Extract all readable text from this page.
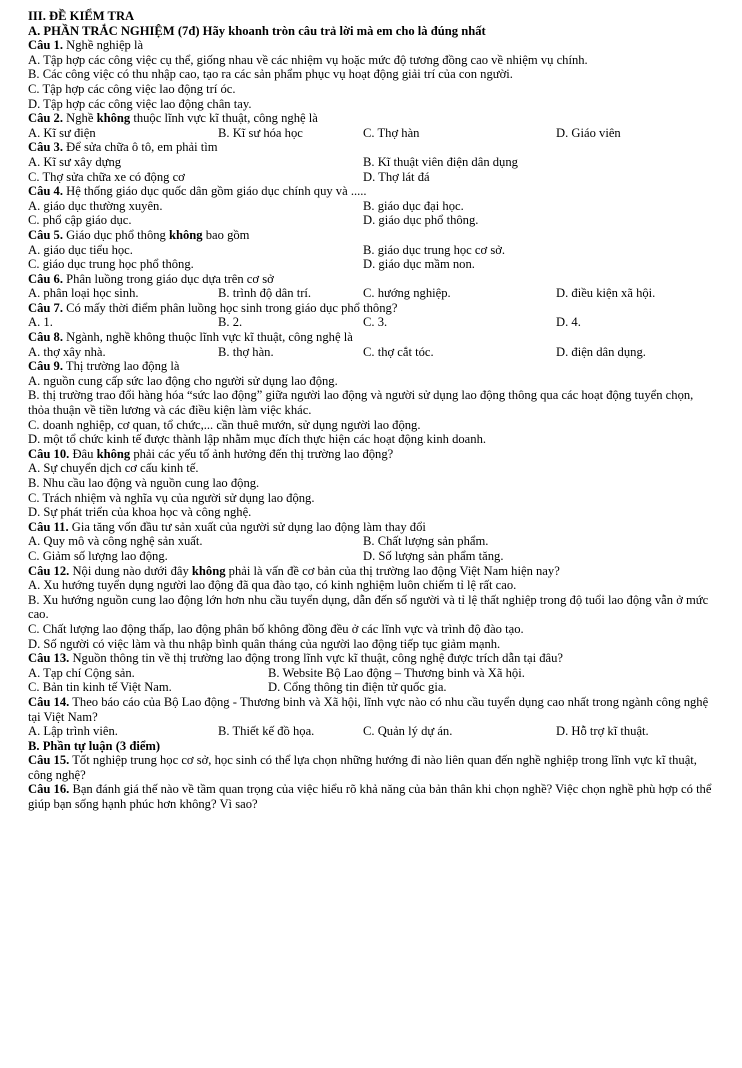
III. ĐỀ KIỂM TRA
A. PHẦN TRẮC NGHIỆM (7đ) Hãy khoanh tròn câu trả lời mà em cho là đúng nhất
Câu 1. Nghề nghiệp là
A. Tập hợp các công việc cụ thể, giống nhau về các nhiệm vụ hoặc mức độ tương đồng cao về nhiệm vụ chính.
B. Các công việc có thu nhập cao, tạo ra các sản phẩm phục vụ hoạt động giải trí của con người.
C. Tập hợp các công việc lao động trí óc.
D. Tập hợp các công việc lao động chân tay.
Câu 2. Nghề không thuộc lĩnh vực kĩ thuật, công nghệ là
A. Kĩ sư điện	B. Kĩ sư hóa học	C. Thợ hàn	D. Giáo viên
Câu 3. Để sửa chữa ô tô, em phải tìm
A. Kĩ sư xây dựng	B. Kĩ thuật viên điện dân dụng
C. Thợ sửa chữa xe có động cơ	D. Thợ lát đá
Câu 4. Hệ thống giáo dục quốc dân gồm giáo dục chính quy và .....
A. giáo dục thường xuyên.	B. giáo dục đại học.
C. phổ cập giáo dục.	D. giáo dục phổ thông.
Câu 5. Giáo dục phổ thông không bao gồm
A. giáo dục tiểu học.	B. giáo dục trung học cơ sở.
C. giáo dục trung học phổ thông.	D. giáo dục mầm non.
Câu 6. Phân luồng trong giáo dục dựa trên cơ sở
A. phân loại học sinh.	B. trình độ dân trí.	C. hướng nghiệp.	D. điều kiện xã hội.
Câu 7. Có mấy thời điểm phân luồng học sinh trong giáo dục phổ thông?
A. 1.	B. 2.	C. 3.	D. 4.
Câu 8. Ngành, nghề không thuộc lĩnh vực kĩ thuật, công nghệ là
A. thợ xây nhà.	B. thợ hàn.	C. thợ cắt tóc.	D. điện dân dụng.
Câu 9. Thị trường lao động là
A. nguồn cung cấp sức lao động cho người sử dụng lao động.
B. thị trường trao đổi hàng hóa “sức lao động” giữa người lao động và người sử dụng lao động thông qua các hoạt động tuyển chọn, thỏa thuận về tiền lương và các điều kiện làm việc khác.
C. doanh nghiệp, cơ quan, tổ chức,... cần thuê mướn, sử dụng người lao động.
D. một tổ chức kinh tế được thành lập nhằm mục đích thực hiện các hoạt động kinh doanh.
Câu 10. Đâu không phải các yếu tố ảnh hưởng đến thị trường lao động?
A. Sự chuyển dịch cơ cấu kinh tế.
B. Nhu cầu lao động và nguồn cung lao động.
C. Trách nhiệm và nghĩa vụ của người sử dụng lao động.
D. Sự phát triển của khoa học và công nghệ.
Câu 11. Gia tăng vốn đầu tư sản xuất của người sử dụng lao động làm thay đổi
A. Quy mô và công nghệ sản xuất.	B. Chất lượng sản phẩm.
C. Giảm số lượng lao động.	D. Số lượng sản phẩm tăng.
Câu 12. Nội dung nào dưới đây không phải là vấn đề cơ bản của thị trường lao động Việt Nam hiện nay?
A. Xu hướng tuyển dụng người lao động đã qua đào tạo, có kinh nghiệm luôn chiếm tỉ lệ rất cao.
B. Xu hướng nguồn cung lao động lớn hơn nhu cầu tuyển dụng, dẫn đến số người và tỉ lệ thất nghiệp trong độ tuổi lao động vẫn ở mức cao.
C. Chất lượng lao động thấp, lao động phân bố không đồng đều ở các lĩnh vực và trình độ đào tạo.
D. Số người có việc làm và thu nhập bình quân tháng của người lao động tiếp tục giảm mạnh.
Câu 13. Nguồn thông tin về thị trường lao động trong lĩnh vực kĩ thuật, công nghệ được trích dẫn tại đâu?
A. Tạp chí Cộng sản.	B. Website Bộ Lao động – Thương binh và Xã hội.
C. Bản tin kinh tế Việt Nam.	D. Cổng thông tin điện tử quốc gia.
Câu 14. Theo báo cáo của Bộ Lao động - Thương binh và Xã hội, lĩnh vực nào có nhu cầu tuyển dụng cao nhất trong ngành công nghệ tại Việt Nam?
A. Lập trình viên.	B. Thiết kế đồ họa.	C. Quản lý dự án.	D. Hỗ trợ kĩ thuật.
B. Phần tự luận (3 điểm)
Câu 15. Tốt nghiệp trung học cơ sở, học sinh có thể lựa chọn những hướng đi nào liên quan đến nghề nghiệp trong lĩnh vực kĩ thuật, công nghệ?
Câu 16. Bạn đánh giá thế nào về tầm quan trọng của việc hiểu rõ khả năng của bản thân khi chọn nghề? Việc chọn nghề phù hợp có thể giúp bạn sống hạnh phúc hơn không? Vì sao?
